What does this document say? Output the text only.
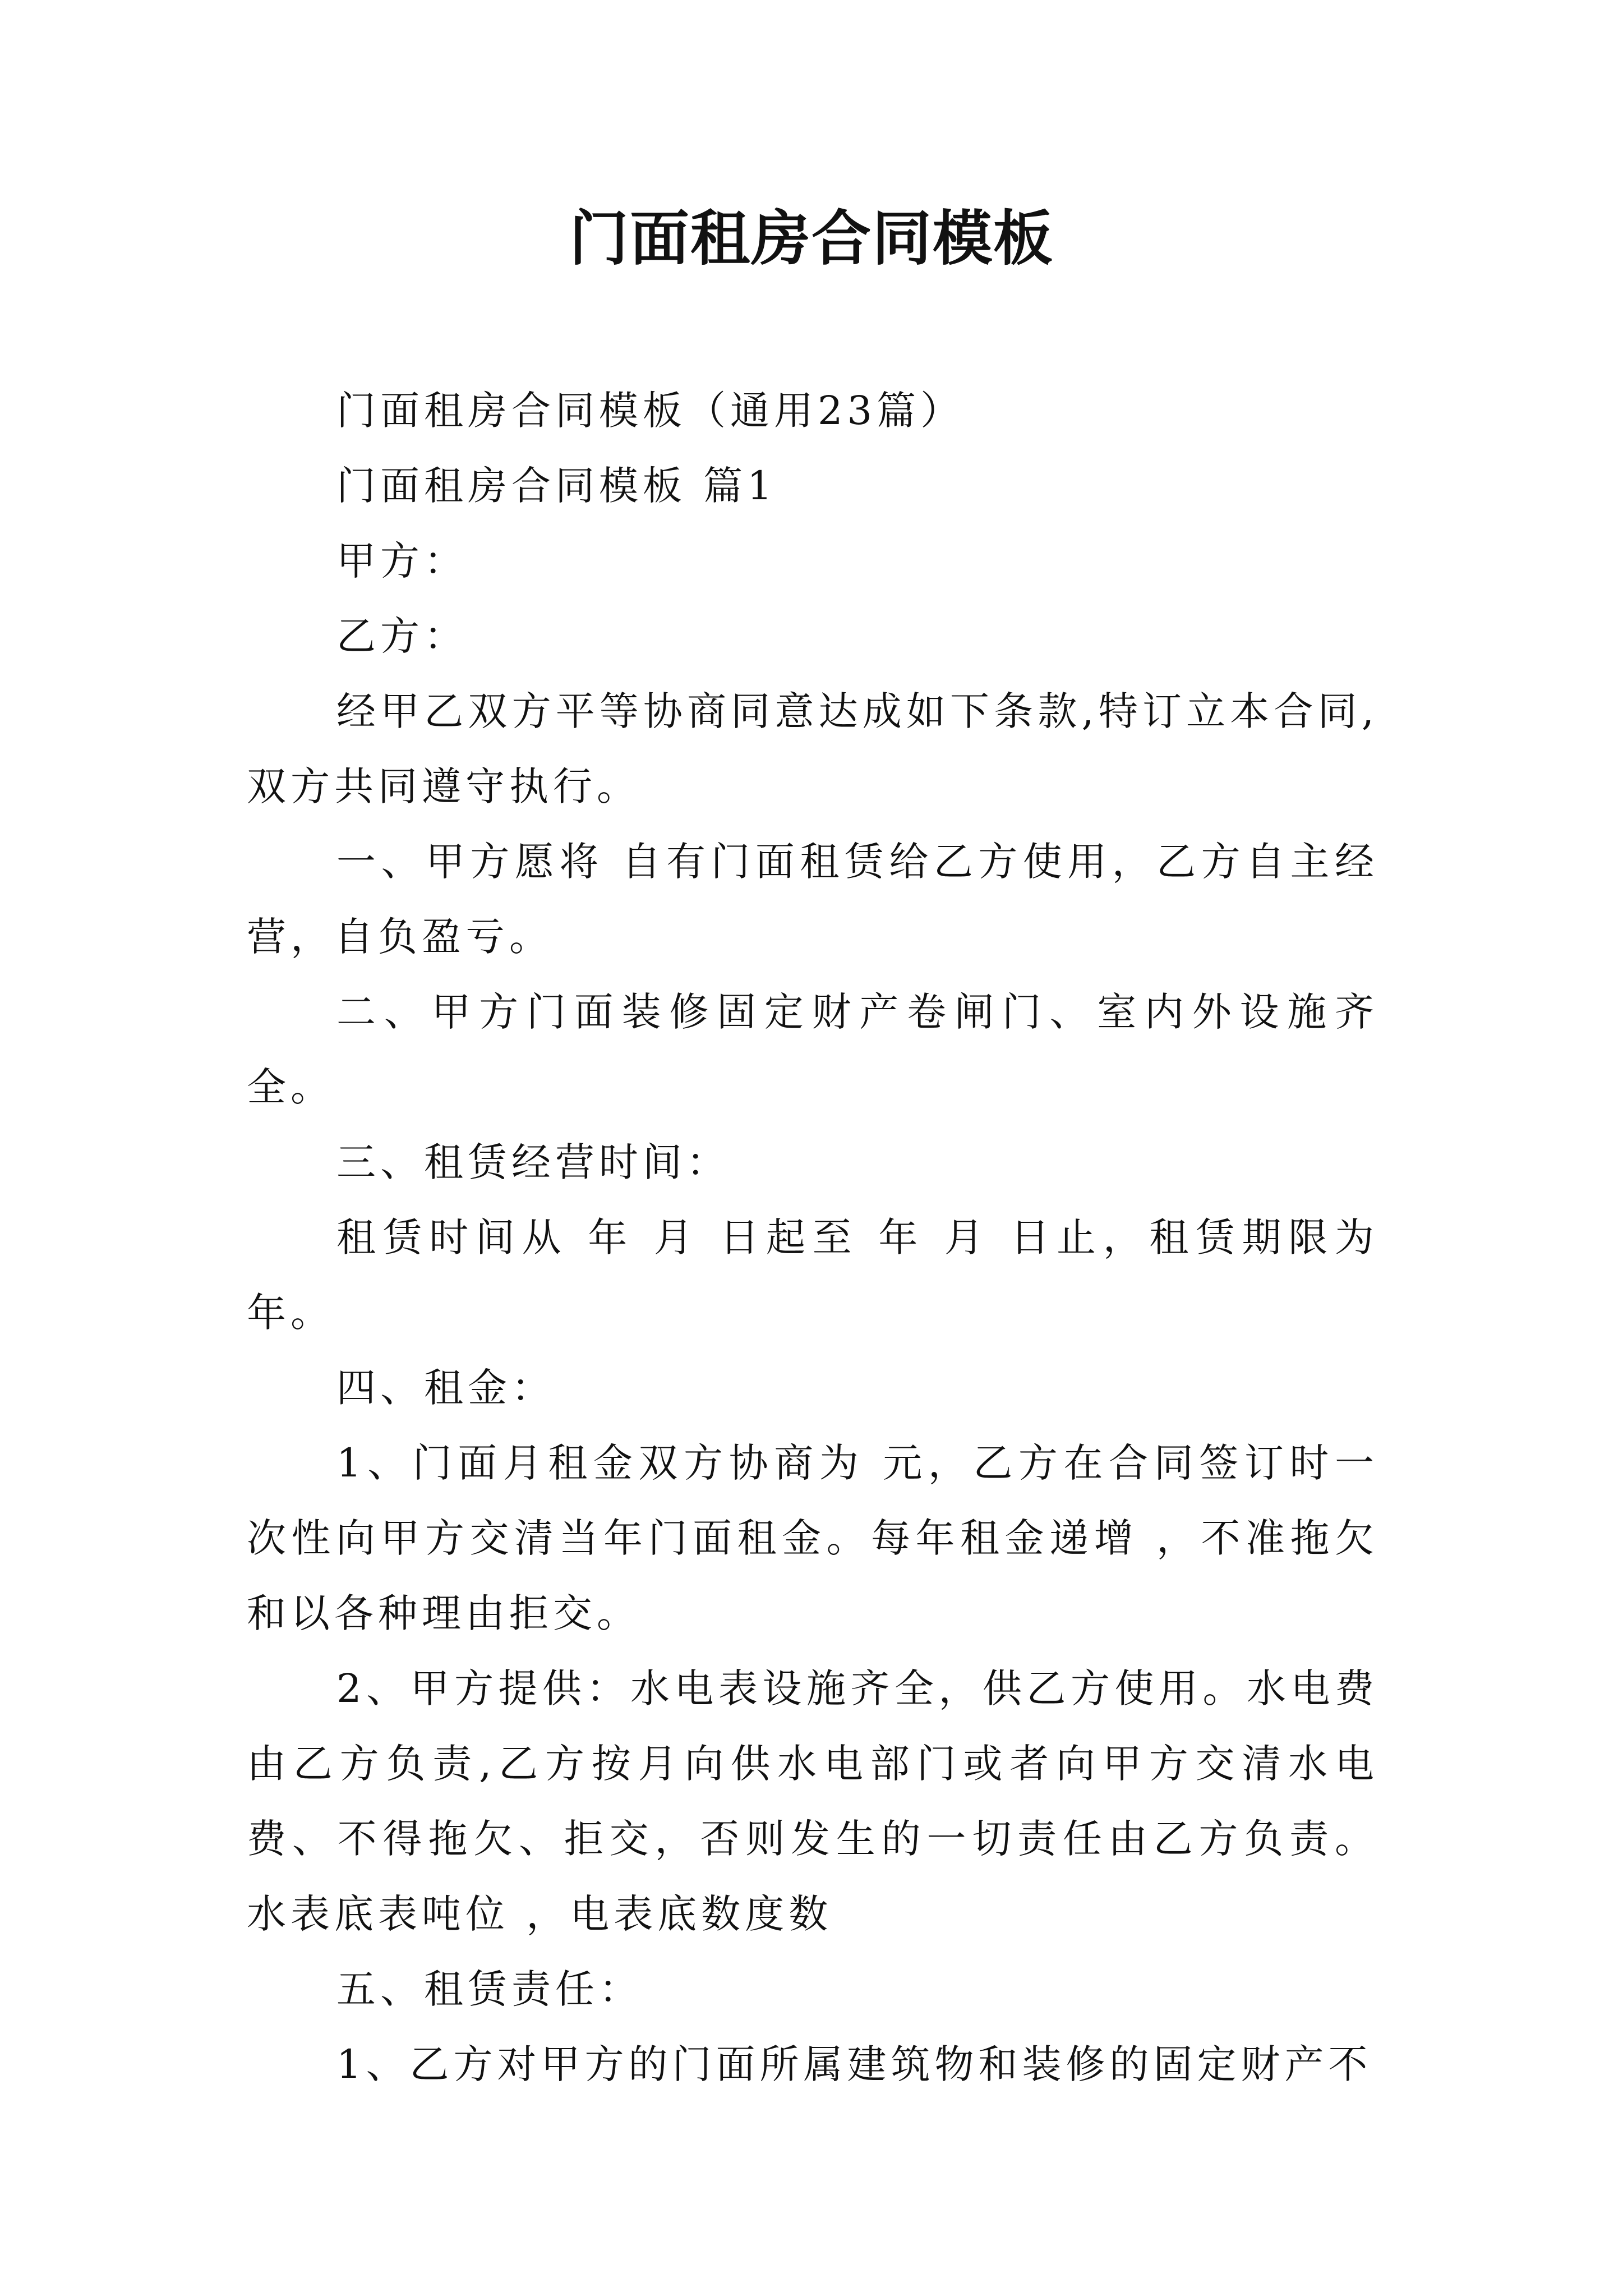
门面租房合同模板

门面租房合同模板（通用23篇）

门面租房合同模板 篇1

甲方：

乙方：

经甲乙双方平等协商同意达成如下条款,特订立本合同,双方共同遵守执行。

一、甲方愿将 自有门面租赁给乙方使用，乙方自主经营，自负盈亏。

二、甲方门面装修固定财产卷闸门、室内外设施齐全。

三、租赁经营时间：

租赁时间从 年 月 日起至 年 月 日止，租赁期限为 年。

四、租金：

1、门面月租金双方协商为 元，乙方在合同签订时一次性向甲方交清当年门面租金。每年租金递增 ，不准拖欠和以各种理由拒交。

2、甲方提供：水电表设施齐全，供乙方使用。水电费由乙方负责,乙方按月向供水电部门或者向甲方交清水电费、不得拖欠、拒交，否则发生的一切责任由乙方负责。水表底表吨位 ，电表底数度数

五、租赁责任：

1、乙方对甲方的门面所属建筑物和装修的固定财产不
